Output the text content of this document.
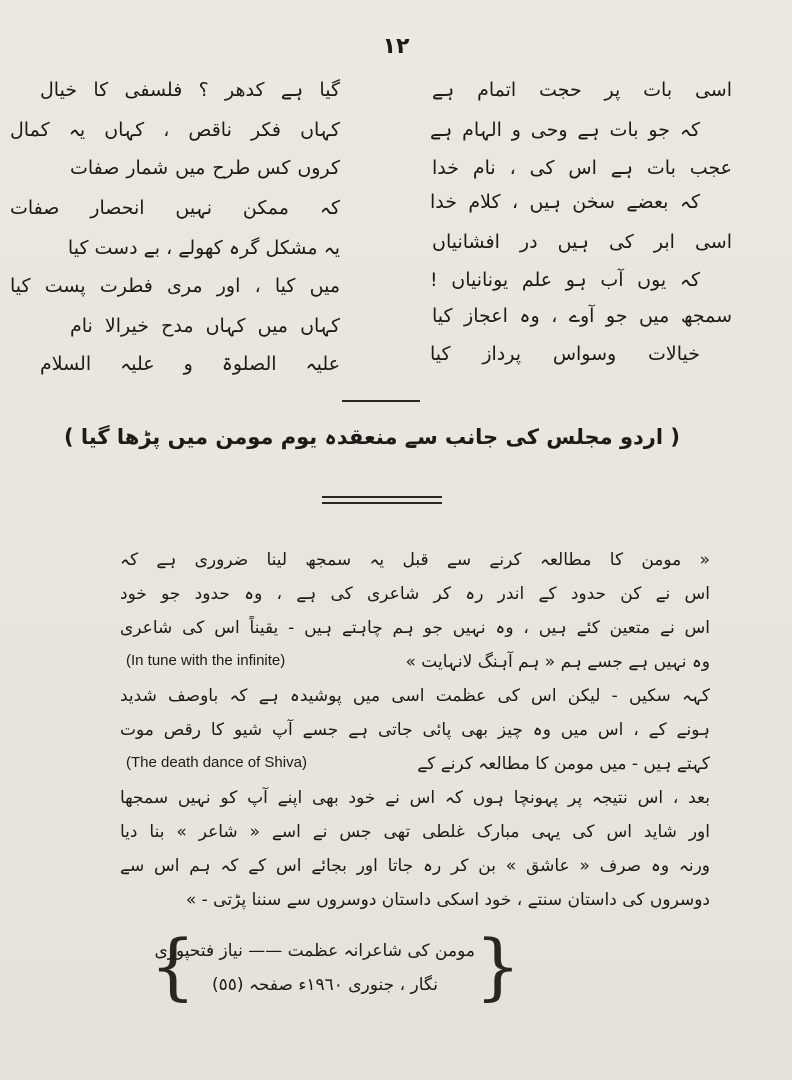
١٢
اسی بات پر حجت اتمام ہے
کہ جو بات ہے وحی و الہام ہے
عجب بات ہے اس کی ، نام خدا
کہ بعضے سخن ہیں ، کلام خدا
اسی ابر کی ہیں در افشانیاں
کہ یوں آب ہو علم یونانیاں !
سمجھ میں جو آوے ، وہ اعجاز کیا
خیالات وسواس پرداز کیا
گیا ہے کدھر ؟ فلسفی کا خیال
کہاں فکر ناقص ، کہاں یہ کمال
کروں کس طرح میں شمار صفات
کہ ممکن نہیں انحصار صفات
یہ مشکل گرہ کھولے ، بے دست کیا
میں کیا ، اور مری فطرت پست کیا
کہاں میں کہاں مدح خیرالا نام
علیہ الصلوۃ و علیہ السلام
( اردو مجلس کی جانب سے منعقدہ یوم مومن میں پڑھا گیا )
« مومن کا مطالعہ کرنے سے قبل یہ سمجھ لینا ضروری ہے کہ
اس نے کن حدود کے اندر رہ کر شاعری کی ہے ، وہ حدود جو خود
اس نے متعین کئے ہیں ، وہ نہیں جو ہم چاہتے ہیں - یقیناً اس کی شاعری
وہ نہیں ہے جسے ہم « ہم آہنگ لانہایت »
(In tune with the infinite)
کہہ سکیں - لیکن اس کی عظمت اسی میں پوشیدہ ہے کہ باوصف شدید
ہونے کے ، اس میں وہ چیز بھی پائی جاتی ہے جسے آپ شیو کا رقص موت
کہتے ہیں - میں مومن کا مطالعہ کرنے کے
(The death dance of Shiva)
بعد ، اس نتیجہ پر پہونچا ہوں کہ اس نے خود بھی اپنے آپ کو نہیں سمجھا
اور شاید اس کی یہی مبارک غلطی تھی جس نے اسے « شاعر » بنا دیا
ورنہ وہ صرف « عاشق » بن کر رہ جاتا اور بجائے اس کے کہ ہم اس سے
دوسروں کی داستان سنتے ، خود اسکی داستان دوسروں سے سننا پڑتی - »
{
مومن کی شاعرانہ عظمت —— نیاز فتحپوری
نگار ، جنوری ١٩٦٠ء صفحہ (٥٥) }
